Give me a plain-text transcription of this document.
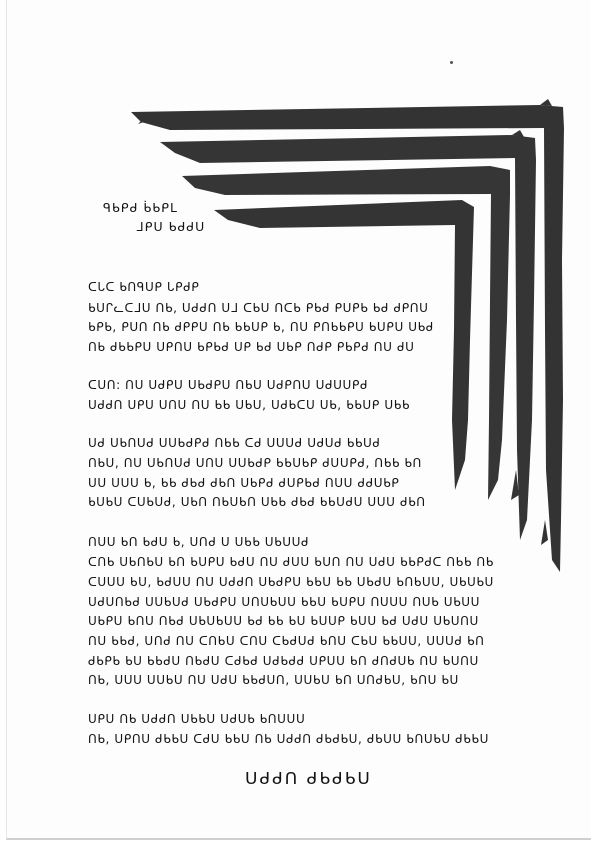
ᑫᑲᑭᑯ ᑳᑲᑭᒪ
ᒧᑭᑌ ᑲᑯᑯᑌ
ᑕᒐᑕ ᑲᑎᑫᑌᑭ ᒐᑭᑯᑭ
ᑲᑌᒋᓚᑕᒧᑌ ᑎᑲ, ᑌᑯᑯᑎ ᑌᒧ ᑕᑲᑌ ᑎᑕᑲ ᑭᑲᑯ ᑭᑌᑭᑲ ᑲᑯ ᑯᑭᑎᑌ
ᑲᑭᑲ, ᑭᑌᑎ ᑎᑲ ᑯᑭᑭᑌ ᑎᑲ ᑲᑲᑌᑭ ᑲ, ᑎᑌ ᑭᑎᑲᑲᑭᑌ ᑲᑌᑭᑌ ᑌᑲᑯ
ᑎᑲ ᑯᑲᑲᑭᑌ ᑌᑭᑎᑌ ᑲᑭᑲᑯ ᑌᑭ ᑲᑯ ᑌᑲᑭ ᑎᑯᑭ ᑭᑲᑭᑯ ᑎᑌ ᑯᑌ
ᑕᑌᑎ: ᑎᑌ ᑌᑯᑭᑌ ᑌᑲᑯᑭᑌ ᑎᑲᑌ ᑌᑯᑭᑎᑌ ᑌᑯᑌᑌᑭᑯ
ᑌᑯᑯᑎ ᑌᑭᑌ ᑌᑎᑌ ᑎᑌ ᑲᑲ ᑌᑲᑌ, ᑌᑯᑲᑕᑌ ᑌᑲ, ᑲᑲᑌᑭ ᑌᑲᑲ
ᑌᑯ ᑌᑲᑎᑌᑯ ᑌᑌᑲᑯᑭᑯ ᑎᑲᑲ ᑕᑯ ᑌᑌᑌᑯ ᑌᑯᑌᑯ ᑲᑲᑌᑯ
ᑎᑲᑌ, ᑎᑌ ᑌᑲᑎᑌᑯ ᑌᑎᑌ ᑌᑌᑲᑯᑭ ᑲᑲᑌᑲᑭ ᑯᑌᑌᑭᑯ, ᑎᑲᑲ ᑲᑎ
ᑌᑌ ᑌᑌᑌ ᑲ, ᑲᑲ ᑯᑲᑯ ᑯᑲᑎ ᑌᑲᑭᑯ ᑯᑌᑭᑲᑯ ᑎᑌᑌ ᑯᑯᑌᑲᑭ
ᑲᑌᑲᑌ ᑕᑌᑲᑌᑯ, ᑌᑲᑎ ᑎᑲᑌᑲᑎ ᑌᑲᑲ ᑯᑲᑯ ᑲᑲᑌᑯᑌ ᑌᑌᑌ ᑯᑲᑎ
ᑎᑌᑌ ᑲᑎ ᑲᑯᑌ ᑲ, ᑌᑎᑯ ᑌ ᑌᑲᑲ ᑌᑲᑌᑌᑯ
ᑕᑎᑲ ᑌᑲᑎᑲᑌ ᑲᑎ ᑲᑌᑭᑌ ᑲᑯᑌ ᑎᑌ ᑯᑌᑌ ᑲᑌᑎ ᑎᑌ ᑌᑯᑌ ᑲᑲᑭᑯᑕ ᑎᑲᑲ ᑎᑲ
ᑕᑌᑌᑌ ᑲᑌ, ᑲᑯᑌᑌ ᑎᑌ ᑌᑯᑯᑎ ᑌᑲᑯᑭᑌ ᑲᑲᑌ ᑲᑲ ᑌᑲᑯᑌ ᑲᑎᑲᑌᑌ, ᑌᑲᑌᑲᑌ
ᑌᑯᑌᑎᑲᑯ ᑌᑌᑲᑌᑯ ᑌᑲᑯᑭᑌ ᑌᑎᑌᑲᑌᑌ ᑲᑲᑌ ᑲᑌᑭᑌ ᑎᑌᑌᑌ ᑎᑌᑲ ᑌᑲᑌᑌ
ᑌᑲᑭᑌ ᑲᑎᑌ ᑎᑲᑯ ᑌᑲᑌᑲᑌᑌ ᑲᑯ ᑲᑲ ᑲᑌ ᑲᑌᑌᑭ ᑲᑌᑌ ᑲᑯ ᑌᑯᑌ ᑌᑲᑌᑎᑌ
ᑎᑌ ᑲᑲᑯ, ᑌᑎᑯ ᑎᑌ ᑕᑎᑲᑌ ᑕᑎᑌ ᑕᑲᑯᑌᑯ ᑲᑎᑌ ᑕᑲᑌ ᑲᑲᑌᑌ, ᑌᑌᑌᑯ ᑲᑎ
ᑯᑲᑭᑲ ᑲᑌ ᑲᑲᑯᑌ ᑎᑲᑯᑌ ᑕᑯᑲᑯ ᑌᑯᑲᑯᑯ ᑌᑭᑌᑌ ᑲᑎ ᑯᑎᑯᑌᑲ ᑎᑌ ᑲᑌᑎᑌ
ᑎᑲ, ᑌᑌᑌ ᑌᑌᑲᑌ ᑎᑌ ᑌᑯᑌ ᑲᑲᑯᑌᑎ, ᑌᑌᑲᑌ ᑲᑎ ᑌᑎᑯᑲᑌ, ᑲᑎᑌ ᑲᑌ
ᑌᑭᑌ ᑎᑲ ᑌᑯᑯᑎ ᑌᑲᑲᑌ ᑌᑯᑌᑲ ᑲᑎᑌᑌᑌ
ᑎᑲ, ᑌᑭᑎᑌ ᑯᑲᑲᑌ ᑕᑯᑌ ᑲᑲᑌ ᑎᑲ ᑌᑯᑯᑎ ᑯᑲᑯᑲᑌ, ᑯᑲᑌᑌ ᑲᑎᑌᑲᑌ ᑯᑲᑲᑌ
ᑌᑯᑯᑎ ᑯᑲᑯᑲᑌ
